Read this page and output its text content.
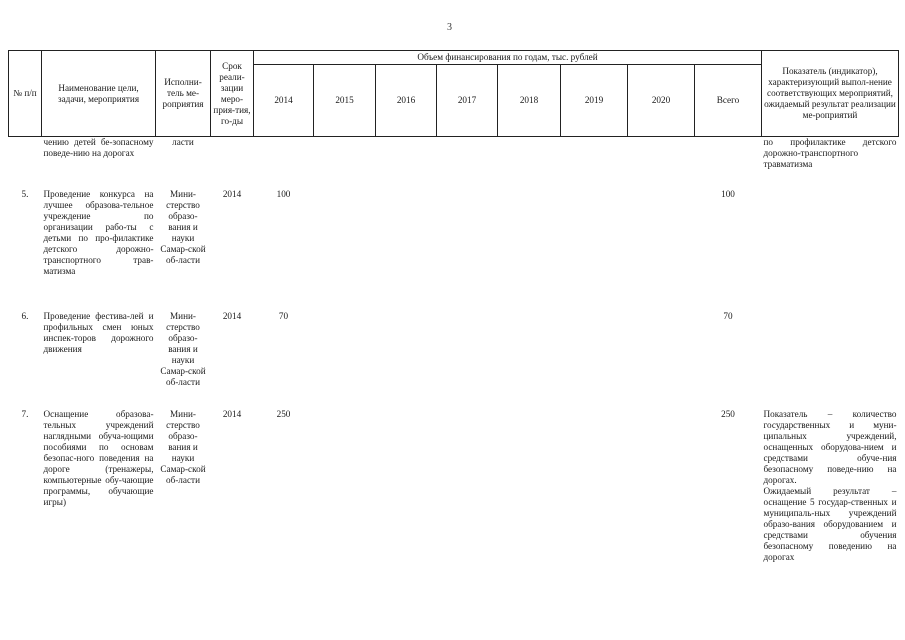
3
№ п/п	Наименование цели, задачи, мероприятия	Исполни-тель ме-роприятия	Срок реали-зации меро-прия-тия, го-ды	Объем финансирования по годам, тыс. рублей								Показатель (индикатор), характеризующий выпол-нение соответствующих мероприятий, ожидаемый результат реализации ме-роприятий
				2014	2015	2016	2017	2018	2019	2020	Всего	
	чению детей бе-зопасному поведе-нию на дорогах	ласти										по профилактике детского дорожно-транспортного травматизма
5.	Проведение конкурса на лучшее образова-тельное учреждение по организации рабо-ты с детьми по про-филактике детского дорожно-транспортного трав-матизма	Мини-стерство образо-вания и науки Самар-ской об-ласти	2014	100							100	
6.	Проведение фестива-лей и профильных смен юных инспек-торов дорожного движения	Мини-стерство образо-вания и науки Самар-ской об-ласти	2014	70							70	
7.	Оснащение образова-тельных учреждений наглядными обуча-ющими пособиями по основам безопас-ного поведения на дороге (тренажеры, компьютерные обу-чающие программы, обучающие игры)	Мини-стерство образо-вания и науки Самар-ской об-ласти	2014	250							250	Показатель – количество государственных и муни-ципальных учреждений, оснащенных оборудова-нием и средствами обуче-ния безопасному поведе-нию на дорогах.
Ожидаемый результат – оснащение 5 государ-ственных и муниципаль-ных учреждений образо-вания оборудованием и средствами обучения безопасному поведению на дорогах
